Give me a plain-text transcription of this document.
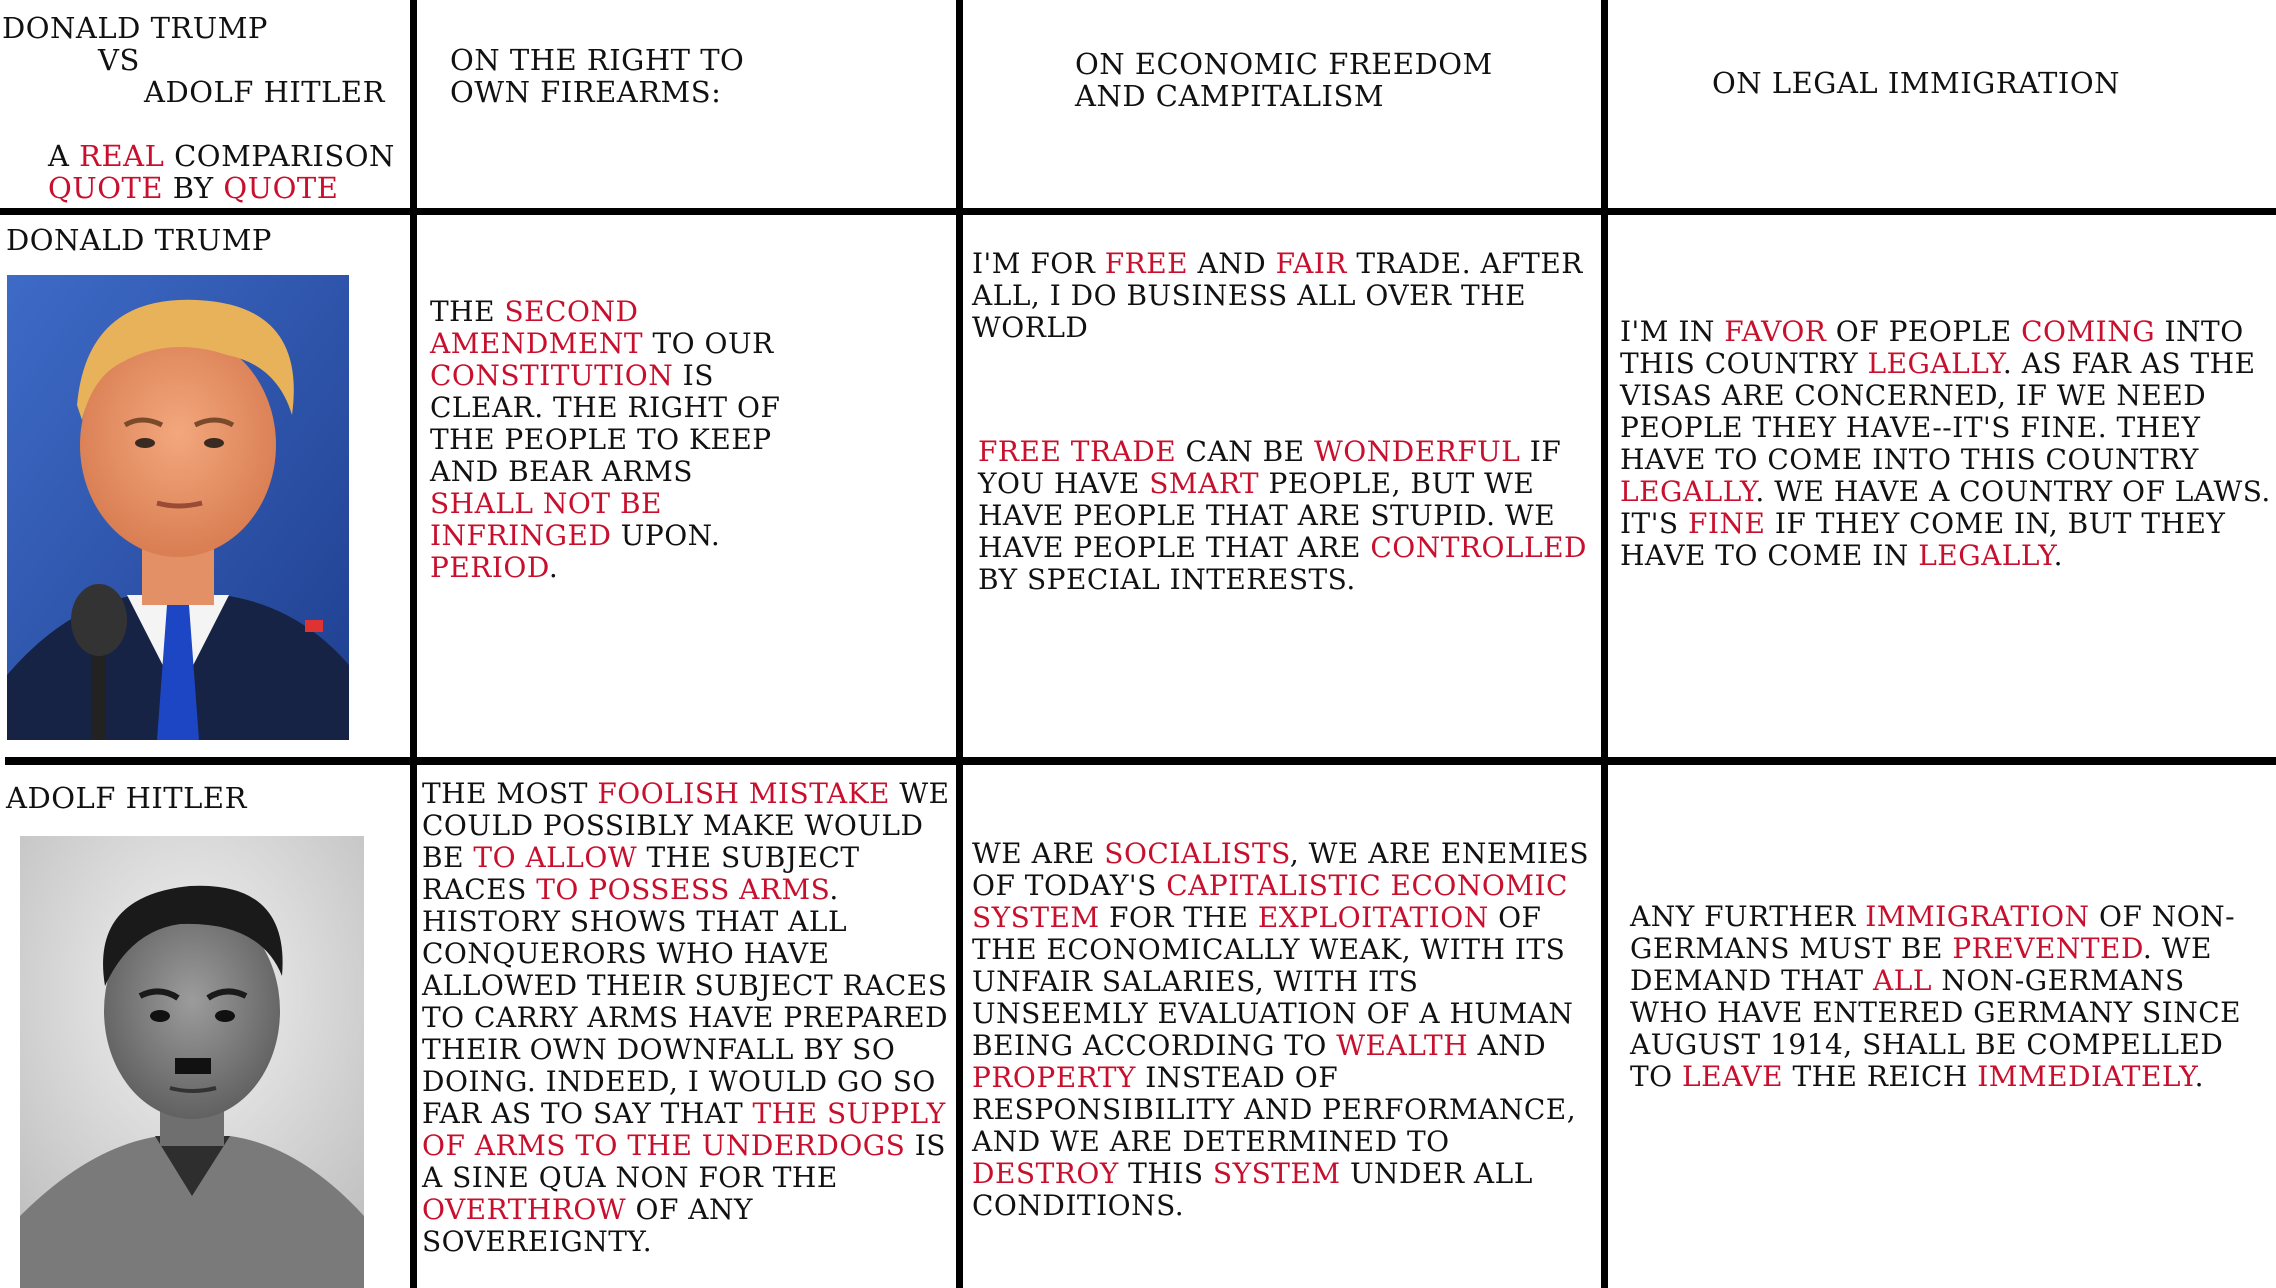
DONALD TRUMP
VS
ADOLF HITLER

A REAL COMPARISON

QUOTE BY QUOTE

ON THE RIGHT TO OWN FIREARMS:
ON ECONOMIC FREEDOM AND CAMPITALISM	ON LEGAL IMMIGRATION
DONALD TRUMP
ADOLF HITLER
THE SECOND AMENDMENT TO OUR CONSTITUTION IS CLEAR. THE RIGHT OF THE PEOPLE TO KEEP AND BEAR ARMS SHALL NOT BE INFRINGED UPON. PERIOD.
I'M FOR FREE AND FAIR TRADE. AFTER ALL, I DO BUSINESS ALL OVER THE WORLD
FREE TRADE CAN BE WONDERFUL IF YOU HAVE SMART PEOPLE, BUT WE HAVE PEOPLE THAT ARE STUPID. WE HAVE PEOPLE THAT ARE CONTROLLED BY SPECIAL INTERESTS.
I'M IN FAVOR OF PEOPLE COMING INTO THIS COUNTRY LEGALLY. AS FAR AS THE VISAS ARE CONCERNED, IF WE NEED PEOPLE THEY HAVE--IT'S FINE. THEY HAVE TO COME INTO THIS COUNTRY LEGALLY. WE HAVE A COUNTRY OF LAWS. IT'S FINE IF THEY COME IN, BUT THEY HAVE TO COME IN LEGALLY.
THE MOST FOOLISH MISTAKE WE COULD POSSIBLY MAKE WOULD BE TO ALLOW THE SUBJECT RACES TO POSSESS ARMS. HISTORY SHOWS THAT ALL CONQUERORS WHO HAVE ALLOWED THEIR SUBJECT RACES TO CARRY ARMS HAVE PREPARED THEIR OWN DOWNFALL BY SO DOING. INDEED, I WOULD GO SO FAR AS TO SAY THAT THE SUPPLY OF ARMS TO THE UNDERDOGS IS A SINE QUA NON FOR THE OVERTHROW OF ANY SOVEREIGNTY.
WE ARE SOCIALISTS, WE ARE ENEMIES OF TODAY'S CAPITALISTIC ECONOMIC SYSTEM FOR THE EXPLOITATION OF THE ECONOMICALLY WEAK, WITH ITS UNFAIR SALARIES, WITH ITS UNSEEMLY EVALUATION OF A HUMAN BEING ACCORDING TO WEALTH AND PROPERTY INSTEAD OF RESPONSIBILITY AND PERFORMANCE, AND WE ARE DETERMINED TO DESTROY THIS SYSTEM UNDER ALL CONDITIONS.
ANY FURTHER IMMIGRATION OF NON-GERMANS MUST BE PREVENTED. WE DEMAND THAT ALL NON-GERMANS WHO HAVE ENTERED GERMANY SINCE AUGUST 1914, SHALL BE COMPELLED TO LEAVE THE REICH IMMEDIATELY.
